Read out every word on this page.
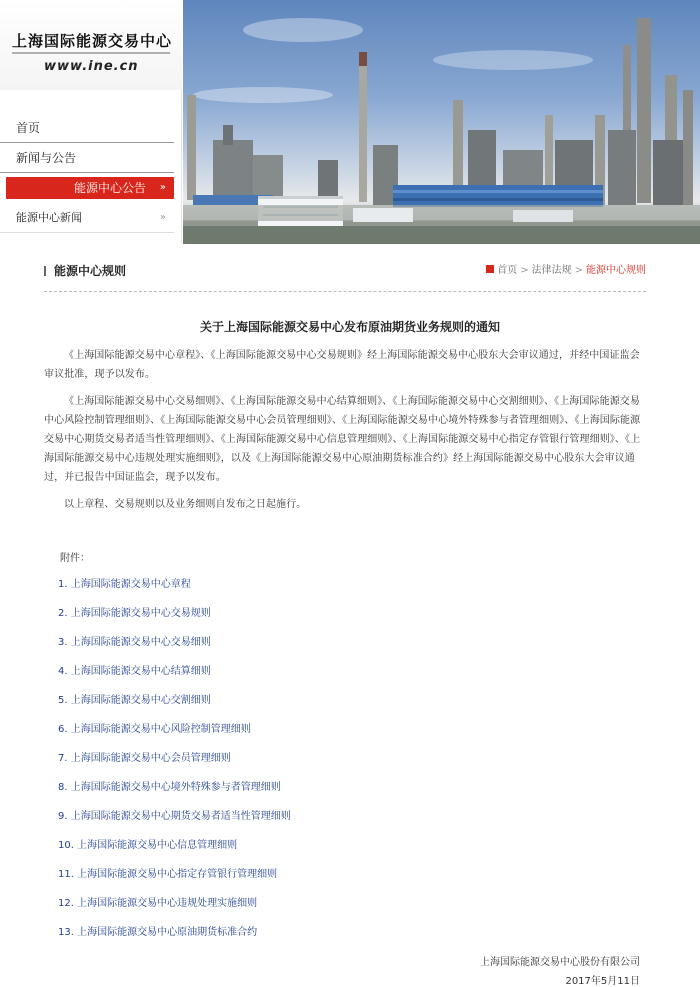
上海国际能源交易中心
www.ine.cn
首页
新闻与公告
能源中心公告 »
能源中心新闻	»
能源中心规则	首页 > 法律法规 > 能源中心规则
关于上海国际能源交易中心发布原油期货业务规则的通知

《上海国际能源交易中心章程》、《上海国际能源交易中心交易规则》经上海国际能源交易中心股东大会审议通过，并经中国证监会审议批准，现予以发布。

《上海国际能源交易中心交易细则》、《上海国际能源交易中心结算细则》、《上海国际能源交易中心交割细则》、《上海国际能源交易中心风险控制管理细则》、《上海国际能源交易中心会员管理细则》、《上海国际能源交易中心境外特殊参与者管理细则》、《上海国际能源交易中心期货交易者适当性管理细则》、《上海国际能源交易中心信息管理细则》、《上海国际能源交易中心指定存管银行管理细则》、《上海国际能源交易中心违规处理实施细则》，以及《上海国际能源交易中心原油期货标准合约》经上海国际能源交易中心股东大会审议通过，并已报告中国证监会，现予以发布。

以上章程、交易规则以及业务细则自发布之日起施行。

附件：
1. 上海国际能源交易中心章程
2. 上海国际能源交易中心交易规则
3. 上海国际能源交易中心交易细则
4. 上海国际能源交易中心结算细则
5. 上海国际能源交易中心交割细则
6. 上海国际能源交易中心风险控制管理细则
7. 上海国际能源交易中心会员管理细则
8. 上海国际能源交易中心境外特殊参与者管理细则
9. 上海国际能源交易中心期货交易者适当性管理细则
10. 上海国际能源交易中心信息管理细则
11. 上海国际能源交易中心指定存管银行管理细则
12. 上海国际能源交易中心违规处理实施细则
13. 上海国际能源交易中心原油期货标准合约
上海国际能源交易中心股份有限公司
2017年5月11日
